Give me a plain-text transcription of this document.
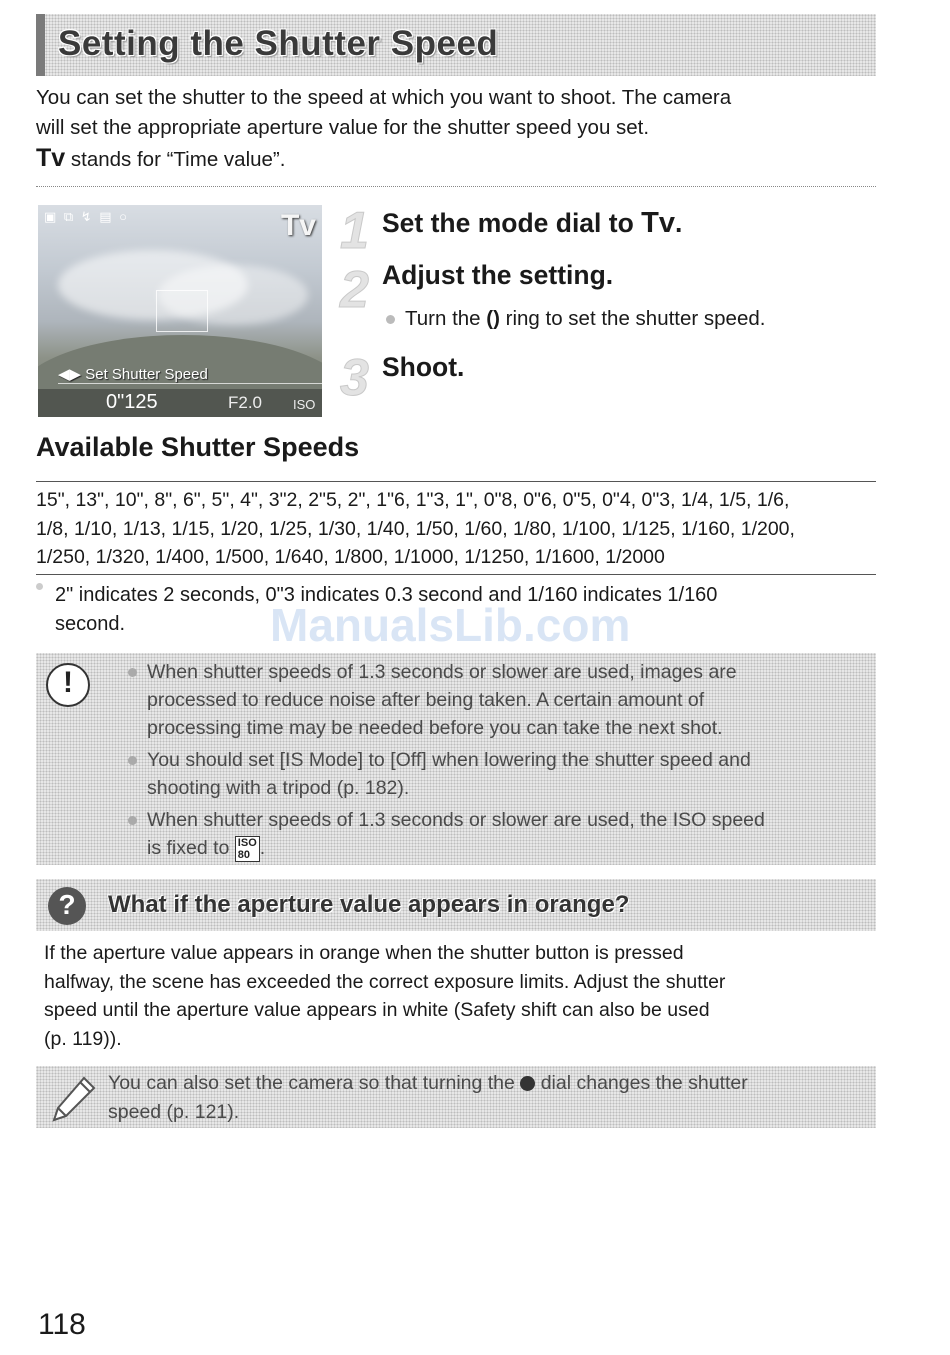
Setting the Shutter Speed
You can set the shutter to the speed at which you want to shoot. The camera
will set the appropriate aperture value for the shutter speed you set.
Tv stands for “Time value”.
▣ ⧉ ↯ ▤ ○	Tv
◀▶ Set Shutter Speed
0"125	F2.0 ISO
1 Set the mode dial to Tv.
2 Adjust the setting.
Turn the () ring to set the shutter speed.
3 Shoot.
Available Shutter Speeds
15", 13", 10", 8", 6", 5", 4", 3"2, 2"5, 2", 1"6, 1"3, 1", 0"8, 0"6, 0"5, 0"4, 0"3, 1/4, 1/5, 1/6,
1/8, 1/10, 1/13, 1/15, 1/20, 1/25, 1/30, 1/40, 1/50, 1/60, 1/80, 1/100, 1/125, 1/160, 1/200,
1/250, 1/320, 1/400, 1/500, 1/640, 1/800, 1/1000, 1/1250, 1/1600, 1/2000
2" indicates 2 seconds, 0"3 indicates 0.3 second and 1/160 indicates 1/160
second.	ManualsLib.com
!	When shutter speeds of 1.3 seconds or slower are used, images are
processed to reduce noise after being taken. A certain amount of
processing time may be needed before you can take the next shot.
You should set [IS Mode] to [Off] when lowering the shutter speed and
shooting with a tripod (p. 182).
When shutter speeds of 1.3 seconds or slower are used, the ISO speed
is fixed to ISO
80 .
?	What if the aperture value appears in orange?
If the aperture value appears in orange when the shutter button is pressed
halfway, the scene has exceeded the correct exposure limits. Adjust the shutter
speed until the aperture value appears in white (Safety shift can also be used
(p. 119)).
You can also set the camera so that turning the  dial changes the shutter
speed (p. 121).
118
